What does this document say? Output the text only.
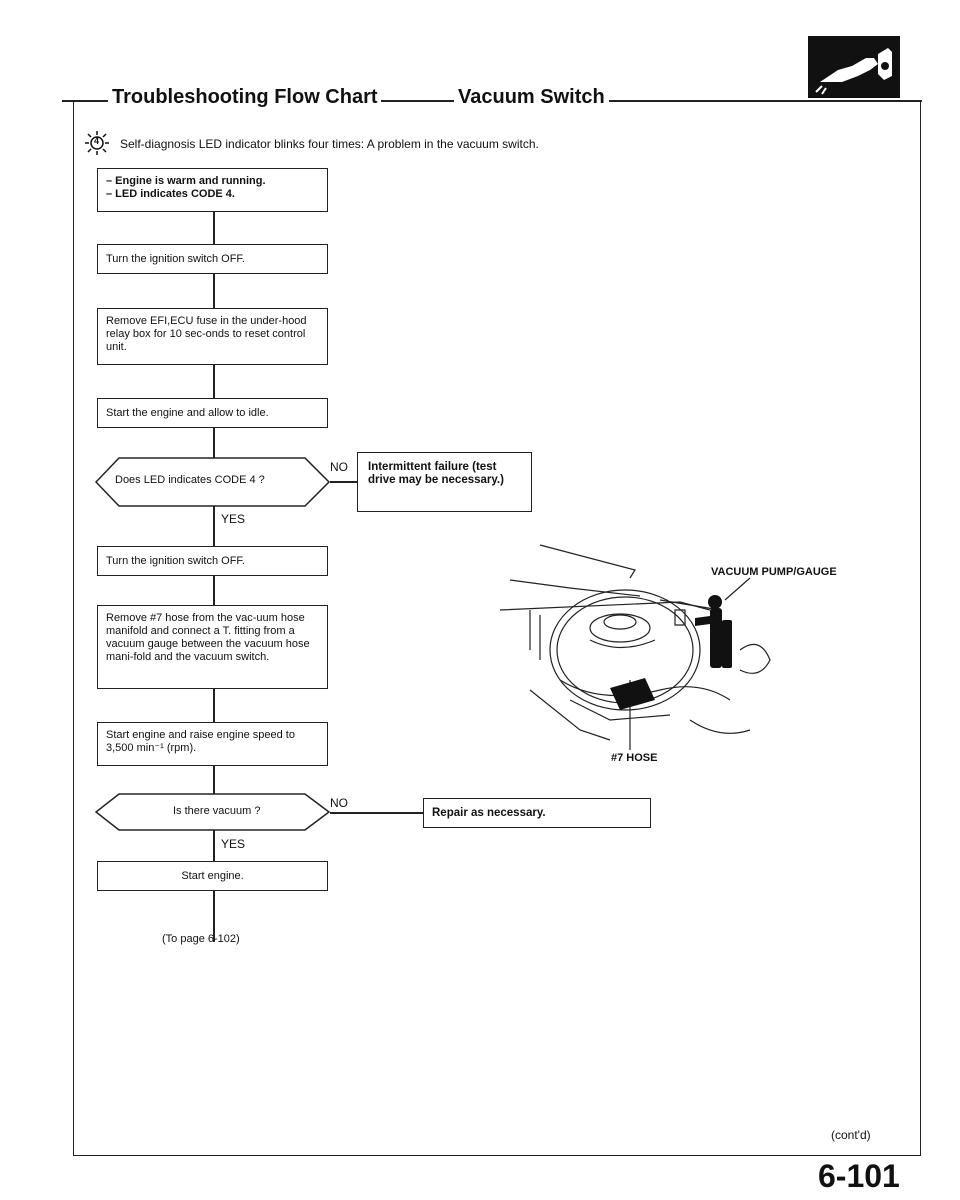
Troubleshooting Flow Chart	Vacuum Switch
4 Self-diagnosis LED indicator blinks four times: A problem in the vacuum switch.
– Engine is warm and running.
– LED indicates CODE 4.
Turn the ignition switch OFF.
Remove EFI,ECU fuse in the under-hood relay box for 10 sec-onds to reset control unit.
Start the engine and allow to idle.
Does LED indicates CODE 4 ?
NO
YES
Intermittent failure (test drive may be necessary.)
Turn the ignition switch OFF.
Remove #7 hose from the vac-uum hose manifold and connect a T. fitting from a vacuum gauge between the vacuum hose mani-fold and the vacuum switch.
Start engine and raise engine speed to 3,500 min⁻¹ (rpm).
Is there vacuum ?
NO
YES
Repair as necessary.
Start engine.
(To page 6-102)
VACUUM PUMP/GAUGE
#7 HOSE
(cont'd)
6-101
